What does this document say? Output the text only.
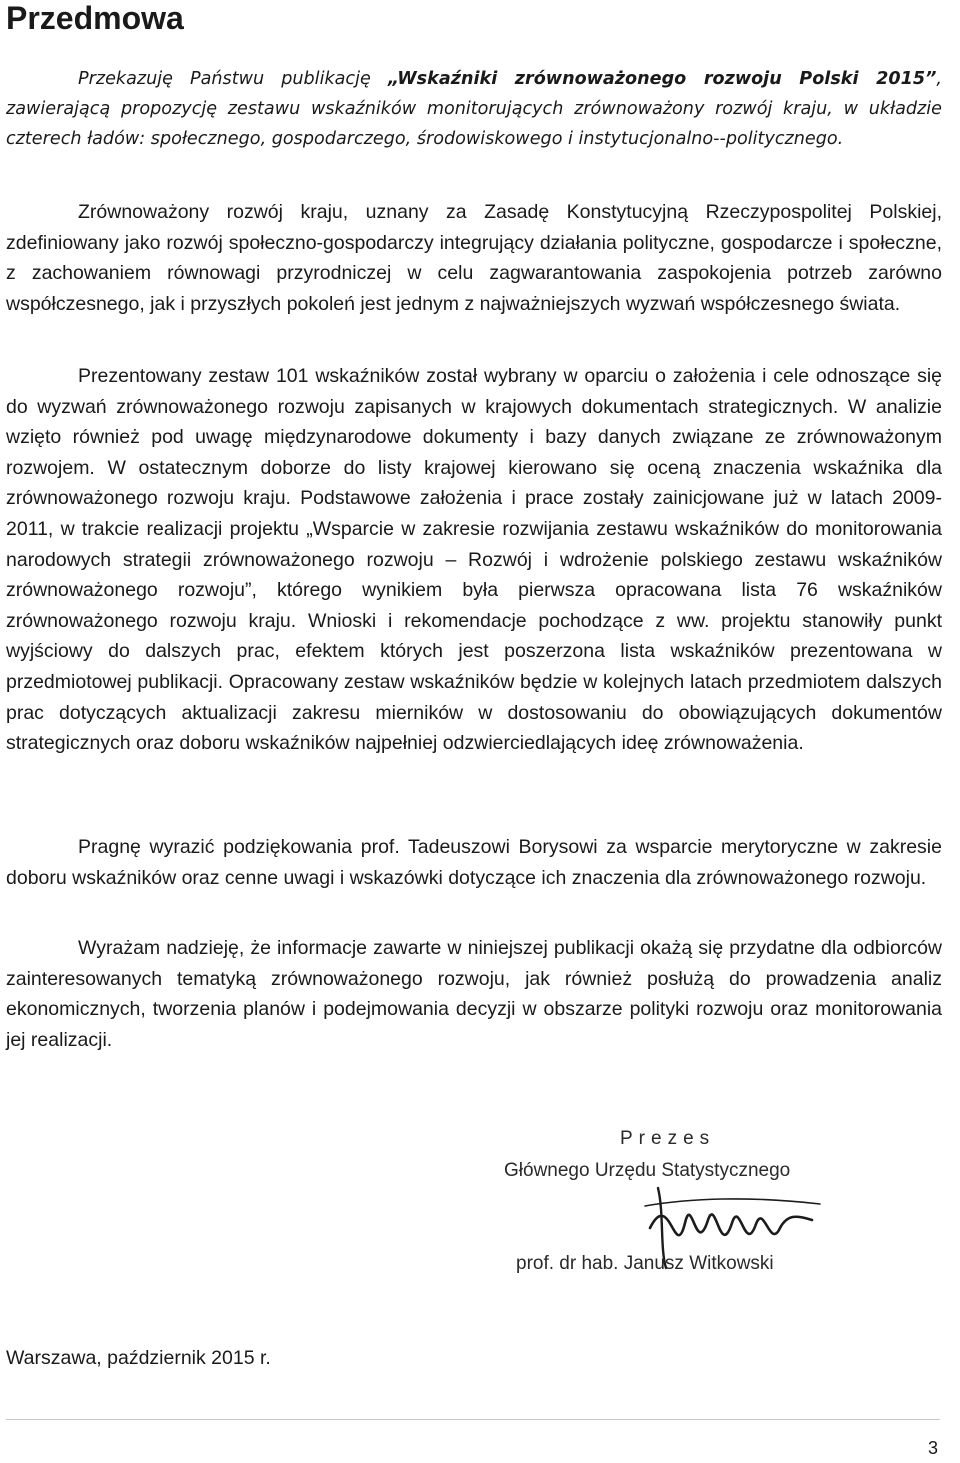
Przedmowa

Przekazuję Państwu publikację „Wskaźniki zrównoważonego rozwoju Polski 2015”, zawierającą propozycję zestawu wskaźników monitorujących zrównoważony rozwój kraju, w układzie czterech ładów: społecznego, gospodarczego, środowiskowego i instytucjonalno--politycznego.

Zrównoważony rozwój kraju, uznany za Zasadę Konstytucyjną Rzeczypospolitej Polskiej, zdefiniowany jako rozwój społeczno-gospodarczy integrujący działania polityczne, gospodarcze i społeczne, z zachowaniem równowagi przyrodniczej w celu zagwarantowania zaspokojenia potrzeb zarówno współczesnego, jak i przyszłych pokoleń jest jednym z najważniejszych wyzwań współczesnego świata.

Prezentowany zestaw 101 wskaźników został wybrany w oparciu o założenia i cele odnoszące się do wyzwań zrównoważonego rozwoju zapisanych w krajowych dokumentach strategicznych. W analizie wzięto również pod uwagę międzynarodowe dokumenty i bazy danych związane ze zrównoważonym rozwojem. W ostatecznym doborze do listy krajowej kierowano się oceną znaczenia wskaźnika dla zrównoważonego rozwoju kraju. Podstawowe założenia i prace zostały zainicjowane już w latach 2009-2011, w trakcie realizacji projektu „Wsparcie w zakresie rozwijania zestawu wskaźników do monitorowania narodowych strategii zrównoważonego rozwoju – Rozwój i wdrożenie polskiego zestawu wskaźników zrównoważonego rozwoju”, którego wynikiem była pierwsza opracowana lista 76 wskaźników zrównoważonego rozwoju kraju. Wnioski i rekomendacje pochodzące z ww. projektu stanowiły punkt wyjściowy do dalszych prac, efektem których jest poszerzona lista wskaźników prezentowana w przedmiotowej publikacji. Opracowany zestaw wskaźników będzie w kolejnych latach przedmiotem dalszych prac dotyczących aktualizacji zakresu mierników w dostosowaniu do obowiązujących dokumentów strategicznych oraz doboru wskaźników najpełniej odzwierciedlających ideę zrównoważenia.

Pragnę wyrazić podziękowania prof. Tadeuszowi Borysowi za wsparcie merytoryczne w zakresie doboru wskaźników oraz cenne uwagi i wskazówki dotyczące ich znaczenia dla zrównoważonego rozwoju.

Wyrażam nadzieję, że informacje zawarte w niniejszej publikacji okażą się przydatne dla odbiorców zainteresowanych tematyką zrównoważonego rozwoju, jak również posłużą do prowadzenia analiz ekonomicznych, tworzenia planów i podejmowania decyzji w obszarze polityki rozwoju oraz monitorowania jej realizacji.

Prezes
Głównego Urzędu Statystycznego
prof. dr hab. Janusz Witkowski

Warszawa, październik 2015 r.

3
